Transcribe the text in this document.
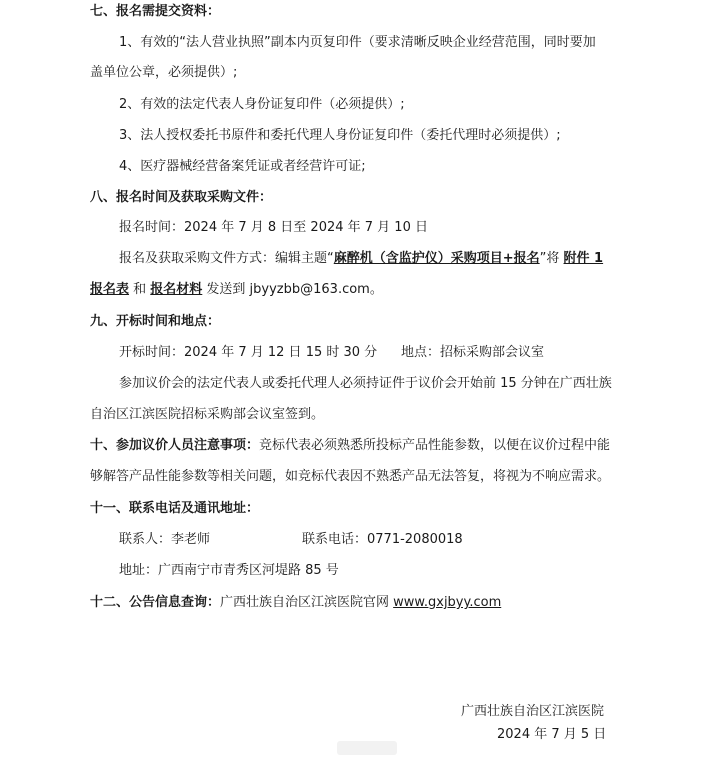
七、报名需提交资料：
1、有效的“法人营业执照”副本内页复印件（要求清晰反映企业经营范围，同时要加
盖单位公章，必须提供）;
2、有效的法定代表人身份证复印件（必须提供）;
3、法人授权委托书原件和委托代理人身份证复印件（委托代理时必须提供）;
4、医疗器械经营备案凭证或者经营许可证;
八、报名时间及获取采购文件：
报名时间：2024 年 7 月 8 日至 2024 年 7 月 10 日
报名及获取采购文件方式：编辑主题“麻醉机（含监护仪）采购项目+报名”将 附件 1
报名表 和 报名材料 发送到 jbyyzbb@163.com。
九、开标时间和地点：
开标时间：2024 年 7 月 12 日 15 时 30 分 地点：招标采购部会议室
参加议价会的法定代表人或委托代理人必须持证件于议价会开始前 15 分钟在广西壮族
自治区江滨医院招标采购部会议室签到。
十、参加议价人员注意事项：竞标代表必须熟悉所投标产品性能参数，以便在议价过程中能
够解答产品性能参数等相关问题，如竞标代表因不熟悉产品无法答复，将视为不响应需求。
十一、联系电话及通讯地址：
联系人：李老师	联系电话：0771-2080018
地址：广西南宁市青秀区河堤路 85 号
十二、公告信息查询：广西壮族自治区江滨医院官网 www.gxjbyy.com
广西壮族自治区江滨医院
2024 年 7 月 5 日
